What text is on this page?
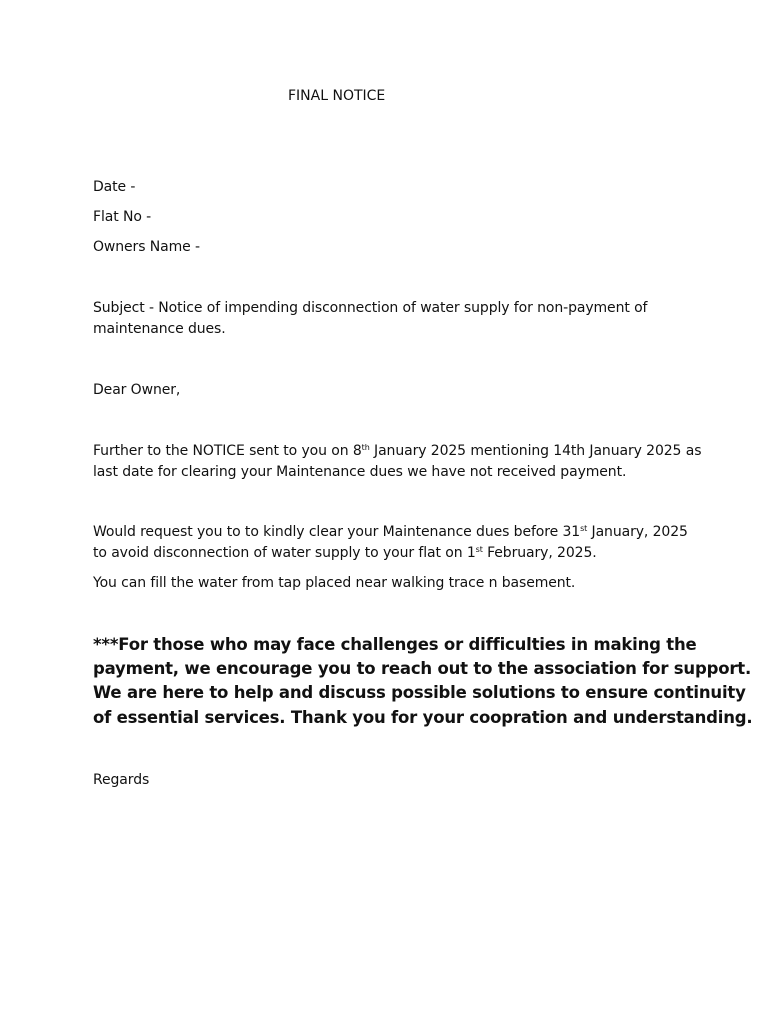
FINAL NOTICE
Date -
Flat No -
Owners Name -
Subject - Notice of impending disconnection of water supply for non-payment of
maintenance dues.
Dear Owner,
Further to the NOTICE sent to you on 8th January 2025 mentioning 14th January 2025 as
last date for clearing your Maintenance dues we have not received payment.
Would request you to to kindly clear your Maintenance dues before 31st January, 2025
to avoid disconnection of water supply to your flat on 1st February, 2025.
You can fill the water from tap placed near walking trace n basement.
***For those who may face challenges or difficulties in making the
payment, we encourage you to reach out to the association for support.
We are here to help and discuss possible solutions to ensure continuity
of essential services. Thank you for your coopration and understanding.
Regards
